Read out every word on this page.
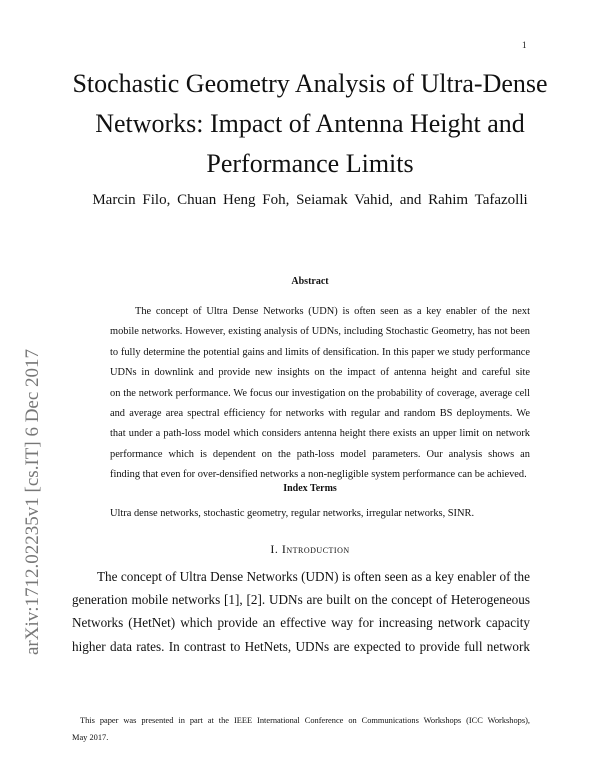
1
arXiv:1712.02235v1 [cs.IT] 6 Dec 2017
Stochastic Geometry Analysis of Ultra-Dense
Networks: Impact of Antenna Height and
Performance Limits
Marcin Filo, Chuan Heng Foh, Seiamak Vahid, and Rahim Tafazolli
Abstract
The concept of Ultra Dense Networks (UDN) is often seen as a key enabler of the next
mobile networks. However, existing analysis of UDNs, including Stochastic Geometry, has not been
to fully determine the potential gains and limits of densification. In this paper we study performance
UDNs in downlink and provide new insights on the impact of antenna height and careful site
on the network performance. We focus our investigation on the probability of coverage, average cell
and average area spectral efficiency for networks with regular and random BS deployments. We
that under a path-loss model which considers antenna height there exists an upper limit on network
performance which is dependent on the path-loss model parameters. Our analysis shows an
finding that even for over-densified networks a non-negligible system performance can be achieved.
Index Terms
Ultra dense networks, stochastic geometry, regular networks, irregular networks, SINR.
I. Introduction
The concept of Ultra Dense Networks (UDN) is often seen as a key enabler of the
generation mobile networks [1], [2]. UDNs are built on the concept of Heterogeneous
Networks (HetNet) which provide an effective way for increasing network capacity
higher data rates. In contrast to HetNets, UDNs are expected to provide full network
This paper was presented in part at the IEEE International Conference on Communications Workshops (ICC Workshops),
May 2017.
